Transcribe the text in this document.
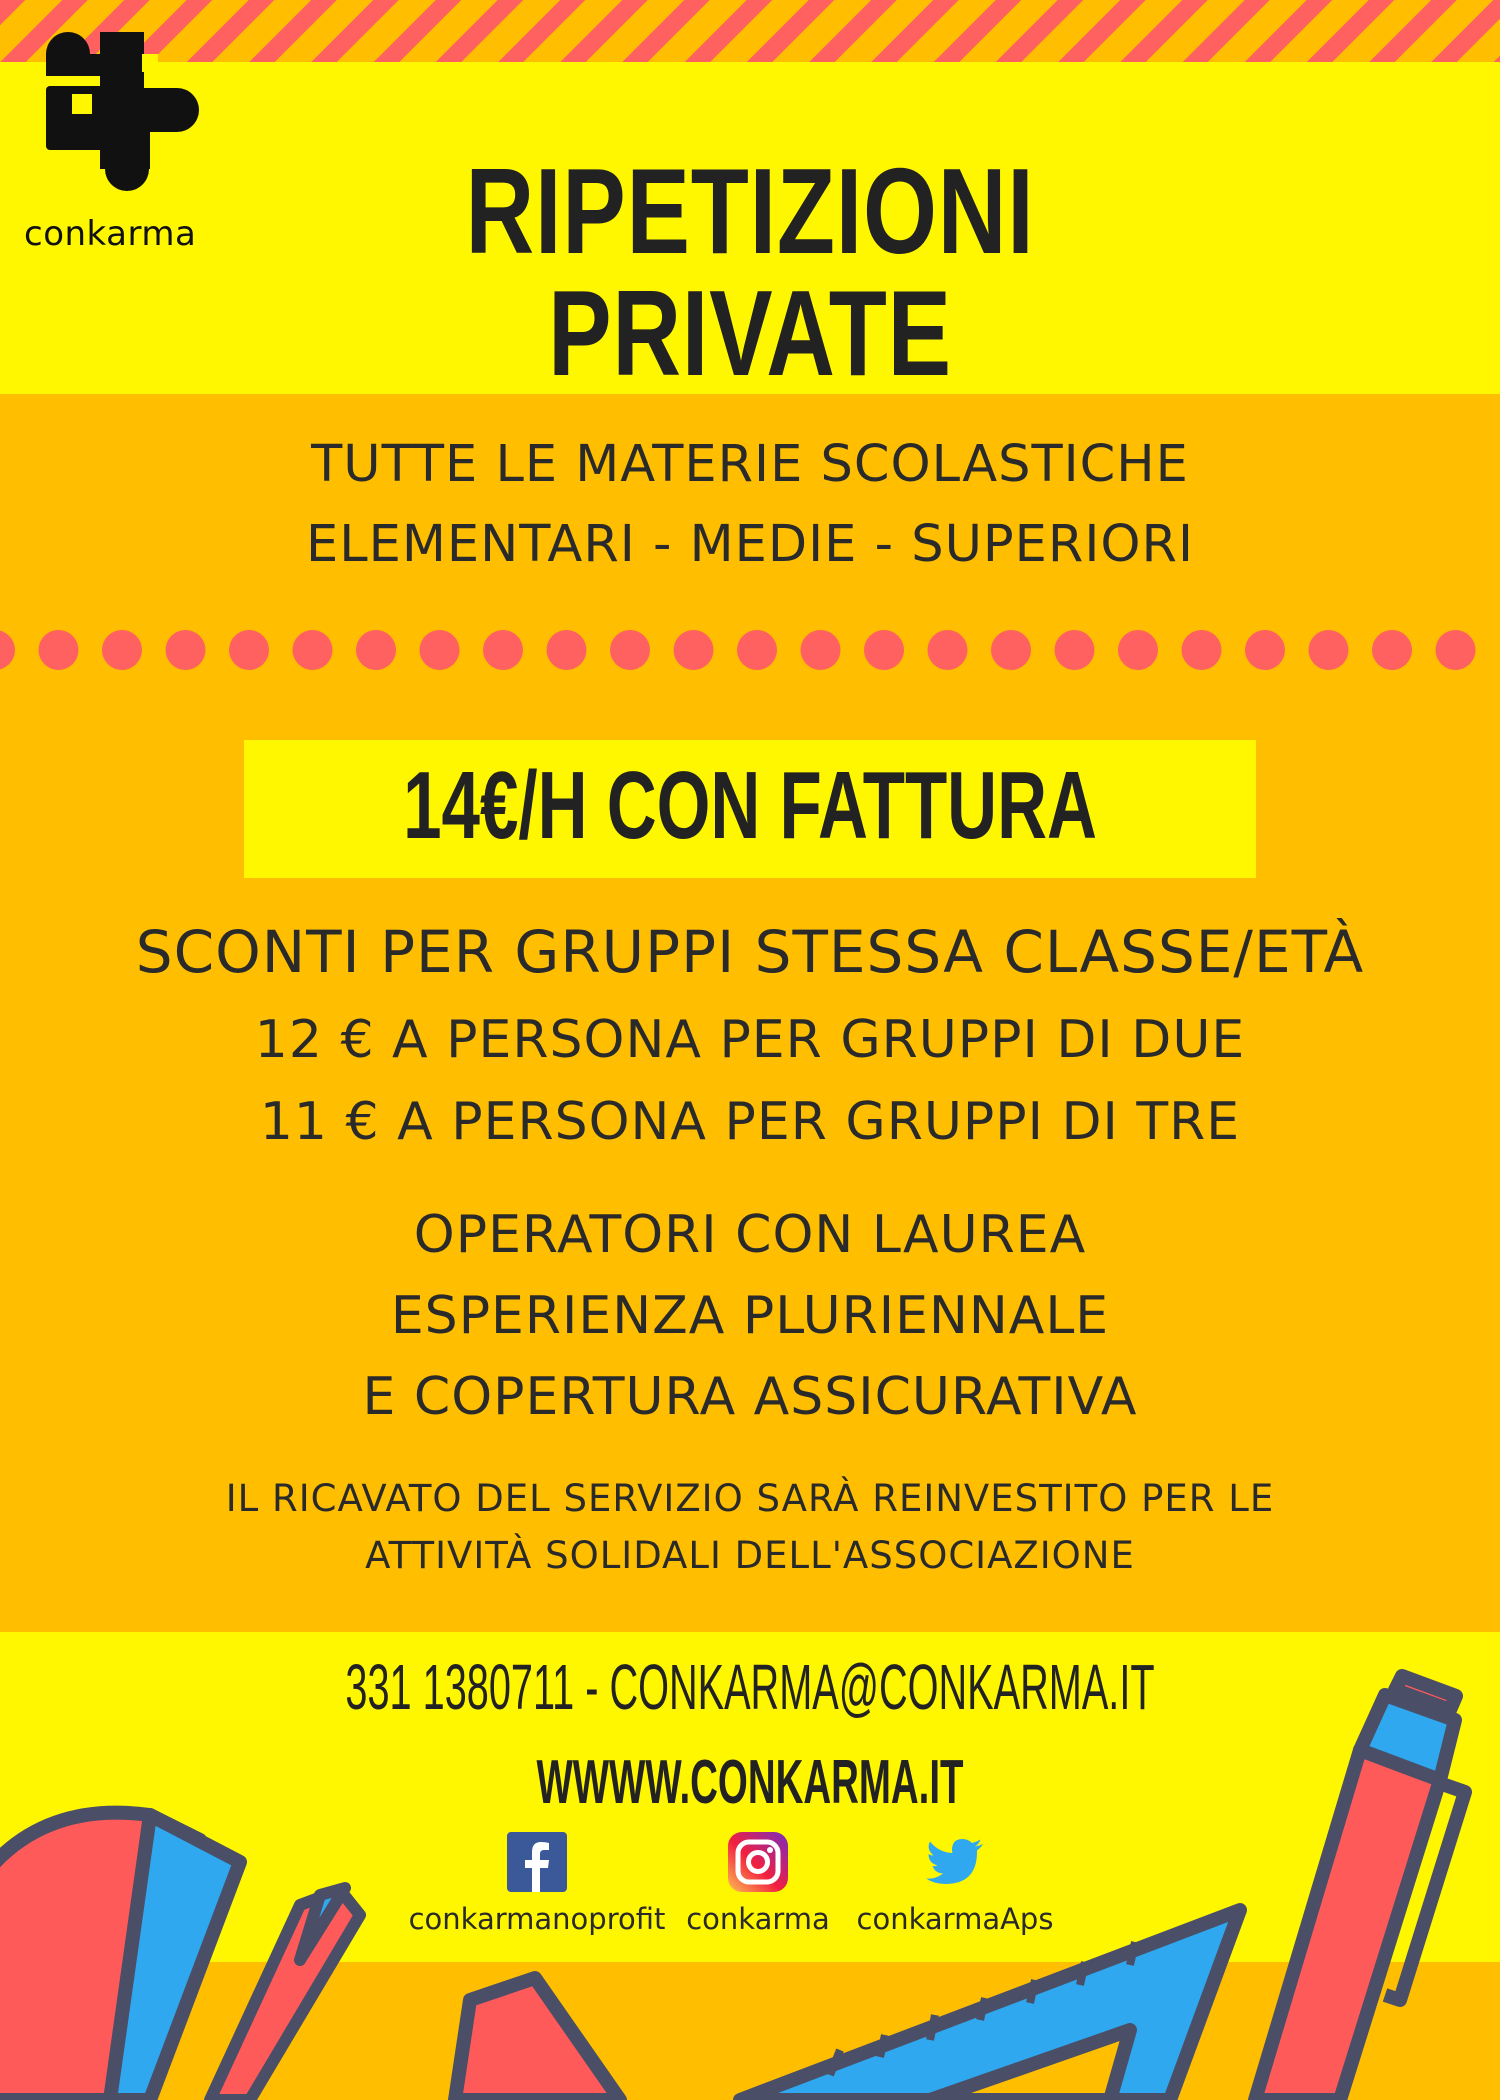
conkarma	RIPETIZIONI PRIVATE
TUTTE LE MATERIE SCOLASTICHE
ELEMENTARI - MEDIE - SUPERIORI
14€/H CON FATTURA
SCONTI PER GRUPPI STESSA CLASSE/ETÀ
12 € A PERSONA PER GRUPPI DI DUE
11 € A PERSONA PER GRUPPI DI TRE
OPERATORI CON LAUREA
ESPERIENZA PLURIENNALE
E COPERTURA ASSICURATIVA
IL RICAVATO DEL SERVIZIO SARÀ REINVESTITO PER LE
ATTIVITÀ SOLIDALI DELL'ASSOCIAZIONE
331 1380711 - CONKARMA@CONKARMA.IT
WWWW.CONKARMA.IT
conkarmanoprofit conkarma conkarmaAps
